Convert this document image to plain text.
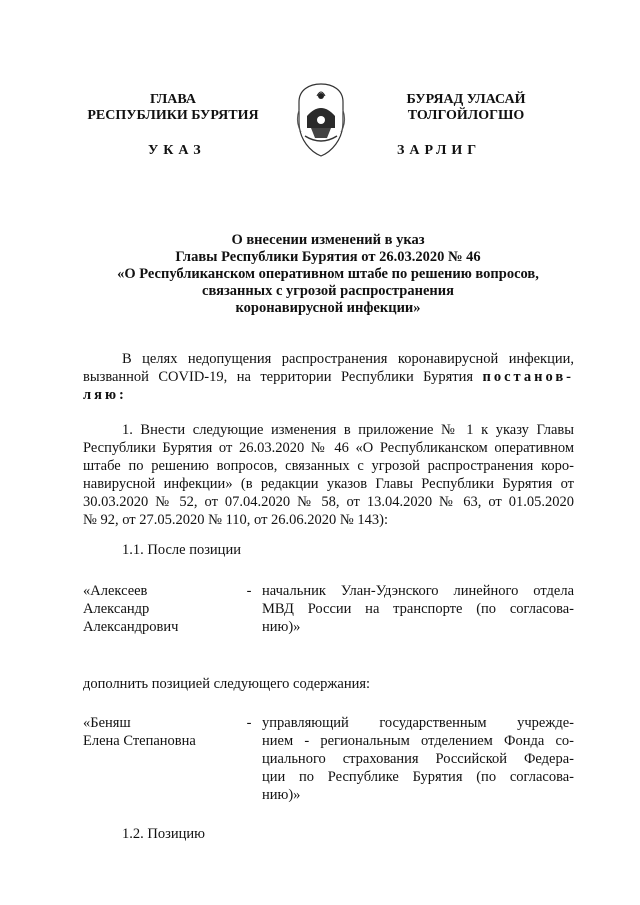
ГЛАВА
РЕСПУБЛИКИ БУРЯТИЯ
БУРЯАД УЛАСАЙ
ТОЛГОЙЛОГШО
УКАЗ	ЗАРЛИГ
О внесении изменений в указ
Главы Республики Бурятия от 26.03.2020 № 46
«О Республиканском оперативном штабе по решению вопросов,
связанных с угрозой распространения
коронавирусной инфекции»
В целях недопущения распространения коронавирусной инфекции,
вызванной COVID-19, на территории Республики Бурятия постанов-
ляю:
1. Внести следующие изменения в приложение № 1 к указу Главы
Республики Бурятия от 26.03.2020 № 46 «О Республиканском оперативном
штабе по решению вопросов, связанных с угрозой распространения коро-
навирусной инфекции» (в редакции указов Главы Республики Бурятия от
30.03.2020 № 52, от 07.04.2020 № 58, от 13.04.2020 № 63, от 01.05.2020
№ 92, от 27.05.2020 № 110, от 26.06.2020 № 143):
1.1. После позиции
«Алексеев
Александр
Александрович
- начальник Улан-Удэнского линейного отдела
МВД России на транспорте (по согласова-
нию)»
дополнить позицией следующего содержания:
«Беняш
Елена Степановна
- управляющий государственным учрежде-
нием - региональным отделением Фонда со-
циального страхования Российской Федера-
ции по Республике Бурятия (по согласова-
нию)»
1.2. Позицию
